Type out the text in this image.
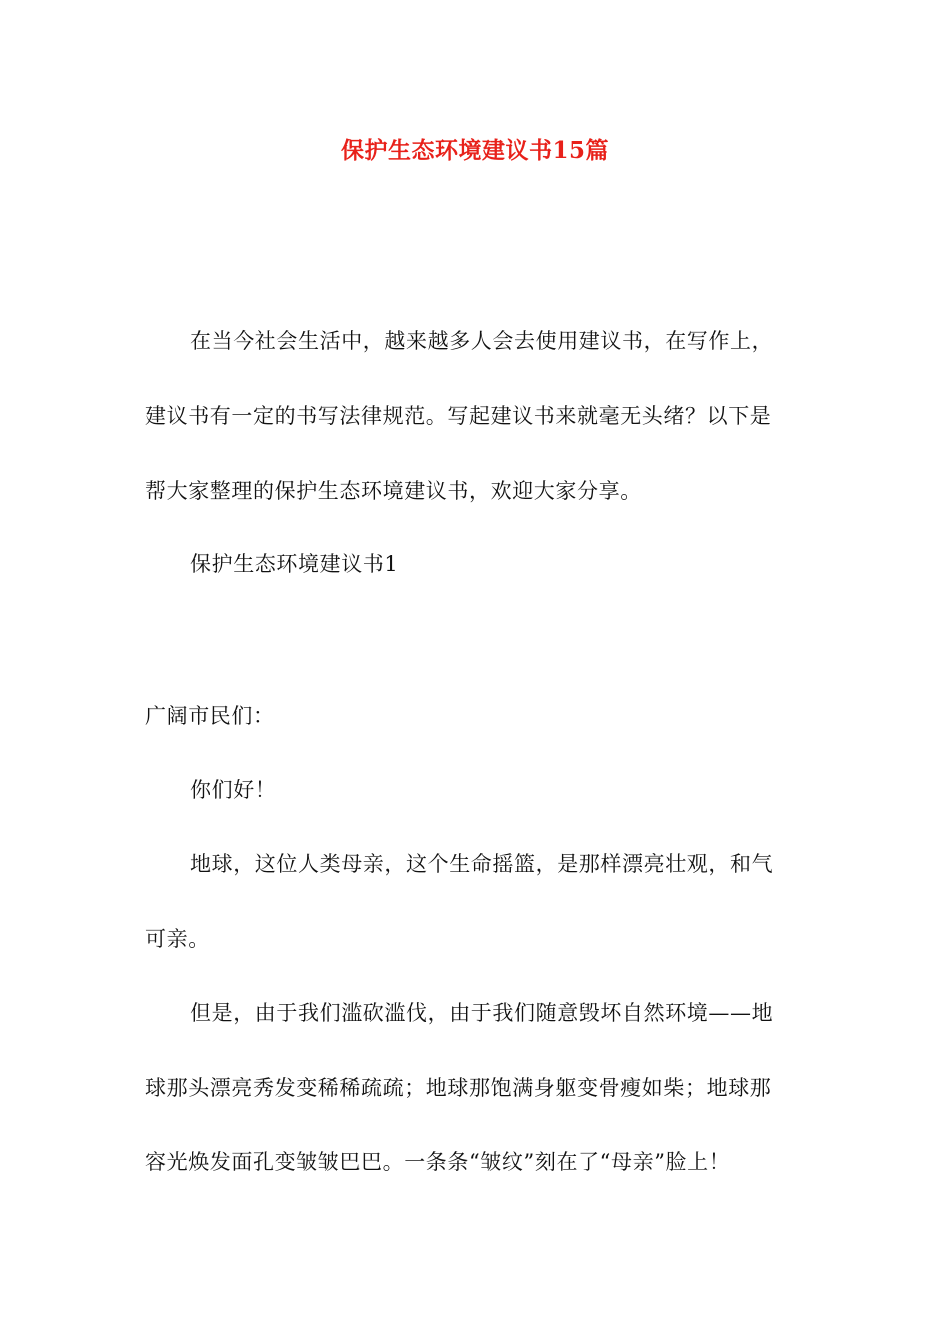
保护生态环境建议书15篇
在当今社会生活中，越来越多人会去使用建议书，在写作上，
建议书有一定的书写法律规范。写起建议书来就毫无头绪？以下是
帮大家整理的保护生态环境建议书，欢迎大家分享。
保护生态环境建议书1
广阔市民们：
你们好！
地球，这位人类母亲，这个生命摇篮，是那样漂亮壮观，和气
可亲。
但是，由于我们滥砍滥伐，由于我们随意毁坏自然环境——地
球那头漂亮秀发变稀稀疏疏；地球那饱满身躯变骨瘦如柴；地球那
容光焕发面孔变皱皱巴巴。一条条“皱纹”刻在了“母亲”脸上！
